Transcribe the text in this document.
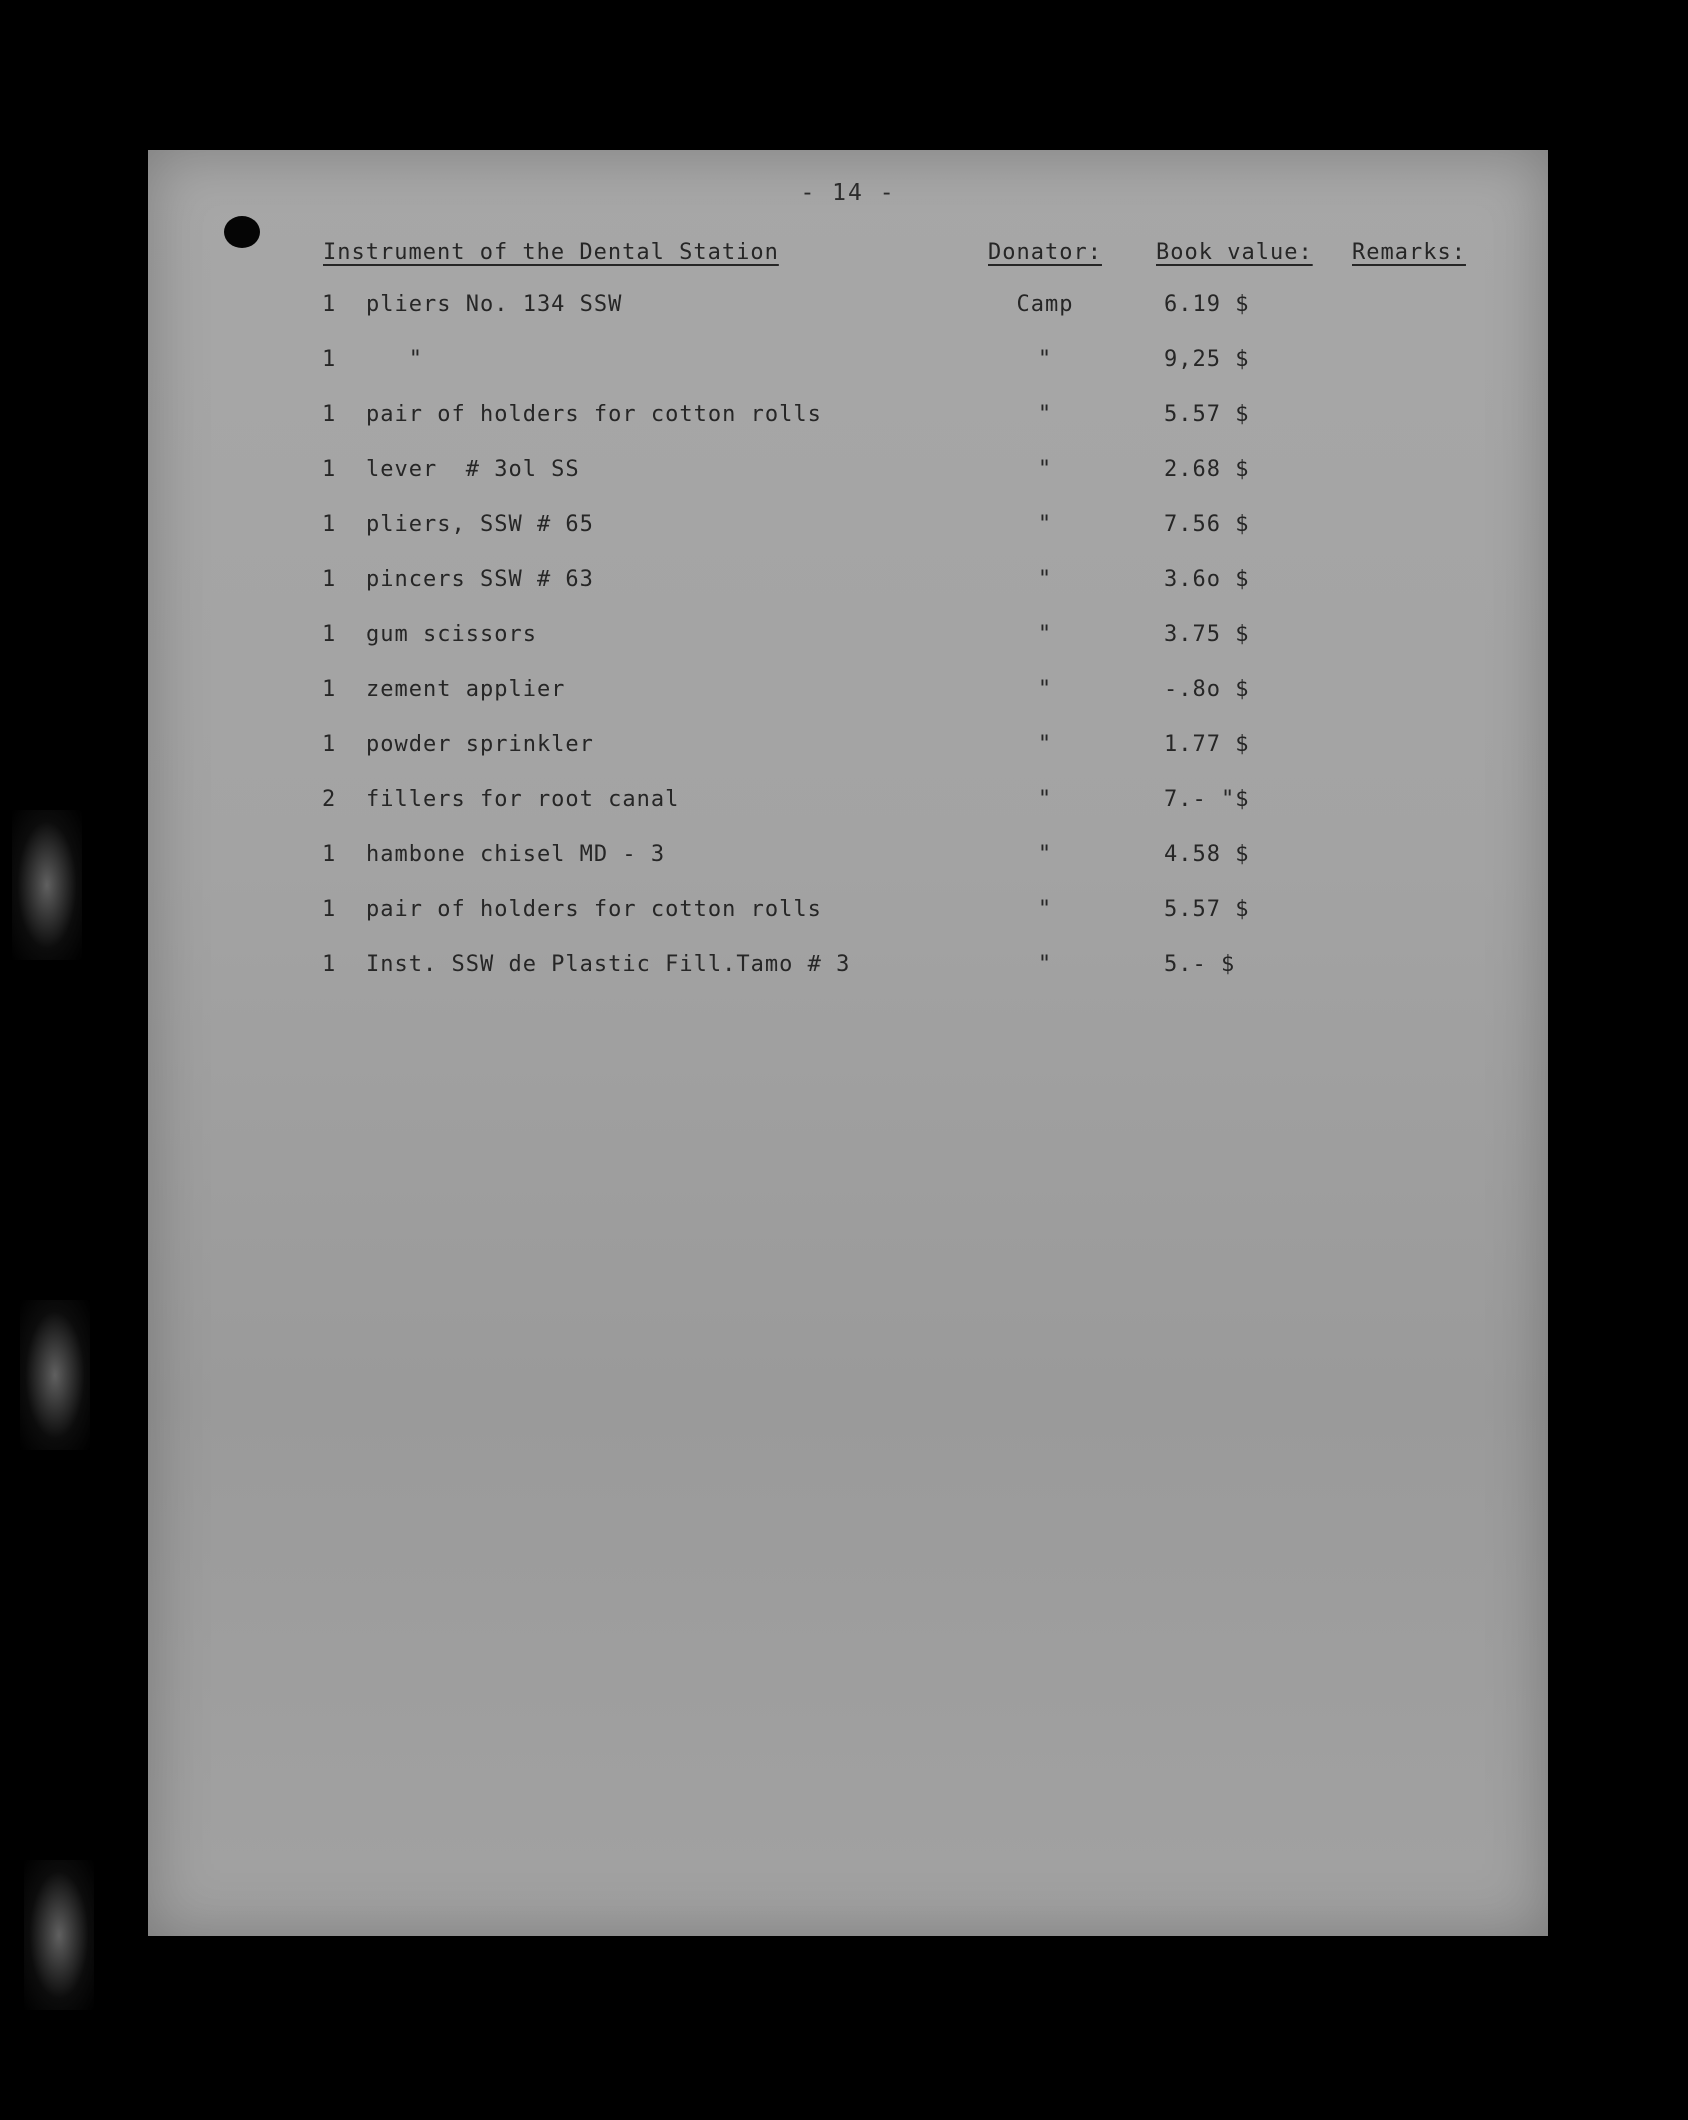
- 14 -
Instrument of the Dental Station	Donator: Book value: Remarks:
1 pliers No. 134 SSW	Camp	6.19 $
1 "	"	9,25 $
1 pair of holders for cotton rolls	"	5.57 $
1 lever  # 3ol SS	"	2.68 $
1 pliers, SSW # 65	"	7.56 $
1 pincers SSW # 63	"	3.6o $
1 gum scissors	"	3.75 $
1 zement applier	"	-.8o $
1 powder sprinkler	"	1.77 $
2 fillers for root canal	"	7.- "$
1 hambone chisel MD - 3	"	4.58 $
1 pair of holders for cotton rolls	"	5.57 $
1 Inst. SSW de Plastic Fill.Tamo # 3	"	5.- $
